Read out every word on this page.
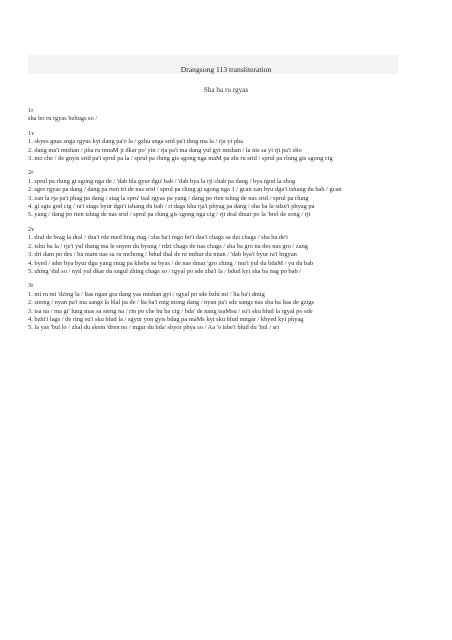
Drangsong 113 transliteration
Sha ba ru rgyas
1r
sha bo ru rgyas bzhugs so /
1v
1. skyes gnas snga rgyus kyi dang pa'o la / gzhu snga srid pa'i thog ma la / rja yi pha
2. dang ma'i mtshan / pha ru mnaM ji dkar po' yin / rja pa'i ma dang yul gyi mtshan / la nis sa yi rji pa'i zho
3. mo che / de gnyis srid pa'i sprul pa la / sprul pa rlung gis sgong nga maM pa zhi ru srid / sprul pa rlung gis sgong cig
2r
1. sprul pa rlung gi sgong nga de / 'dab bla gyur dgu' bab / 'dab bya la rji chab pa dang / bya rgod la shog
2. sgro rgyas pa dang / dang pa rten tri de nas srid / sprul pa rlung gi sgong nga 1 / gcan zan byu dgu'i tshang du bab / gcan
3. zan la rja pa'i phag pa dang / stag la spru' tsal rgyas pa yang / dang po rten tshug de nas srid / sprul pa rlung
4. gi sgis god cig / ra'i stags byur dgu'i tshang du bab / ri dags kha rja'i phyag pa dang / sha ba la sdze'i phyag pa
5. yang / dang po rten tshug de nas srid / sprul pa rlung gis sgong nga cig / rji dral dmar po la 'brel de song / rji
2v
1. dral de brag la dral / dza'i rde med brag rtag / sha ba'i mgo bo'i dza'i chags sa dzi chags / sha ba de'i
2. tshu ba la / rje'i yul thang ma le snyen du byung / rdzi chags de nas chags / sha ba gro na des nas gro / zang
3. dri dam po des / ba mam nas sa ru mchong / bdud thal de ni mthur du nnan / 'dab bya'i byur ra'i brgyan
4. byed / sder bya byur dgu yang rnug pa khebs su byas / de nas dmar 'gro zhing / mu'i yul du bdaM / yu du bab
5. zhing 'dul so / nyil yul dkar du sngul zhing chags so / rgyal po sde zha'i la / bdud kyi sha ba nag po bab /
3r
1. mi ru mi 'dzing la / ltas ngan gra dang yas mtshan gyi / rgyal po sde bzhi mi / lta ba'i dmig
2. snong / nyan pa'i ma sangs la blal pa de / lta ba'i mig mong dang / nyan pa'i sde sangs nas sha ba ltas de gzigs
3. tsa na / ma gi' lung mas sa steng na / rin po che bu ba cig / bda' de nang tsaMsu / su'i sku blud la rgyal po sde
4. bzhi'i lags / de ring su'i sku blud la / sgyur yon gyis bdag pa maMs kyi sku blud mngar / khyed kyi phyag
5. la yas 'bul lo / zhal du skem 'dren no / mgur du bda' sbyor phya so / Aa 'o tshe'i blud du 'bul / sri
